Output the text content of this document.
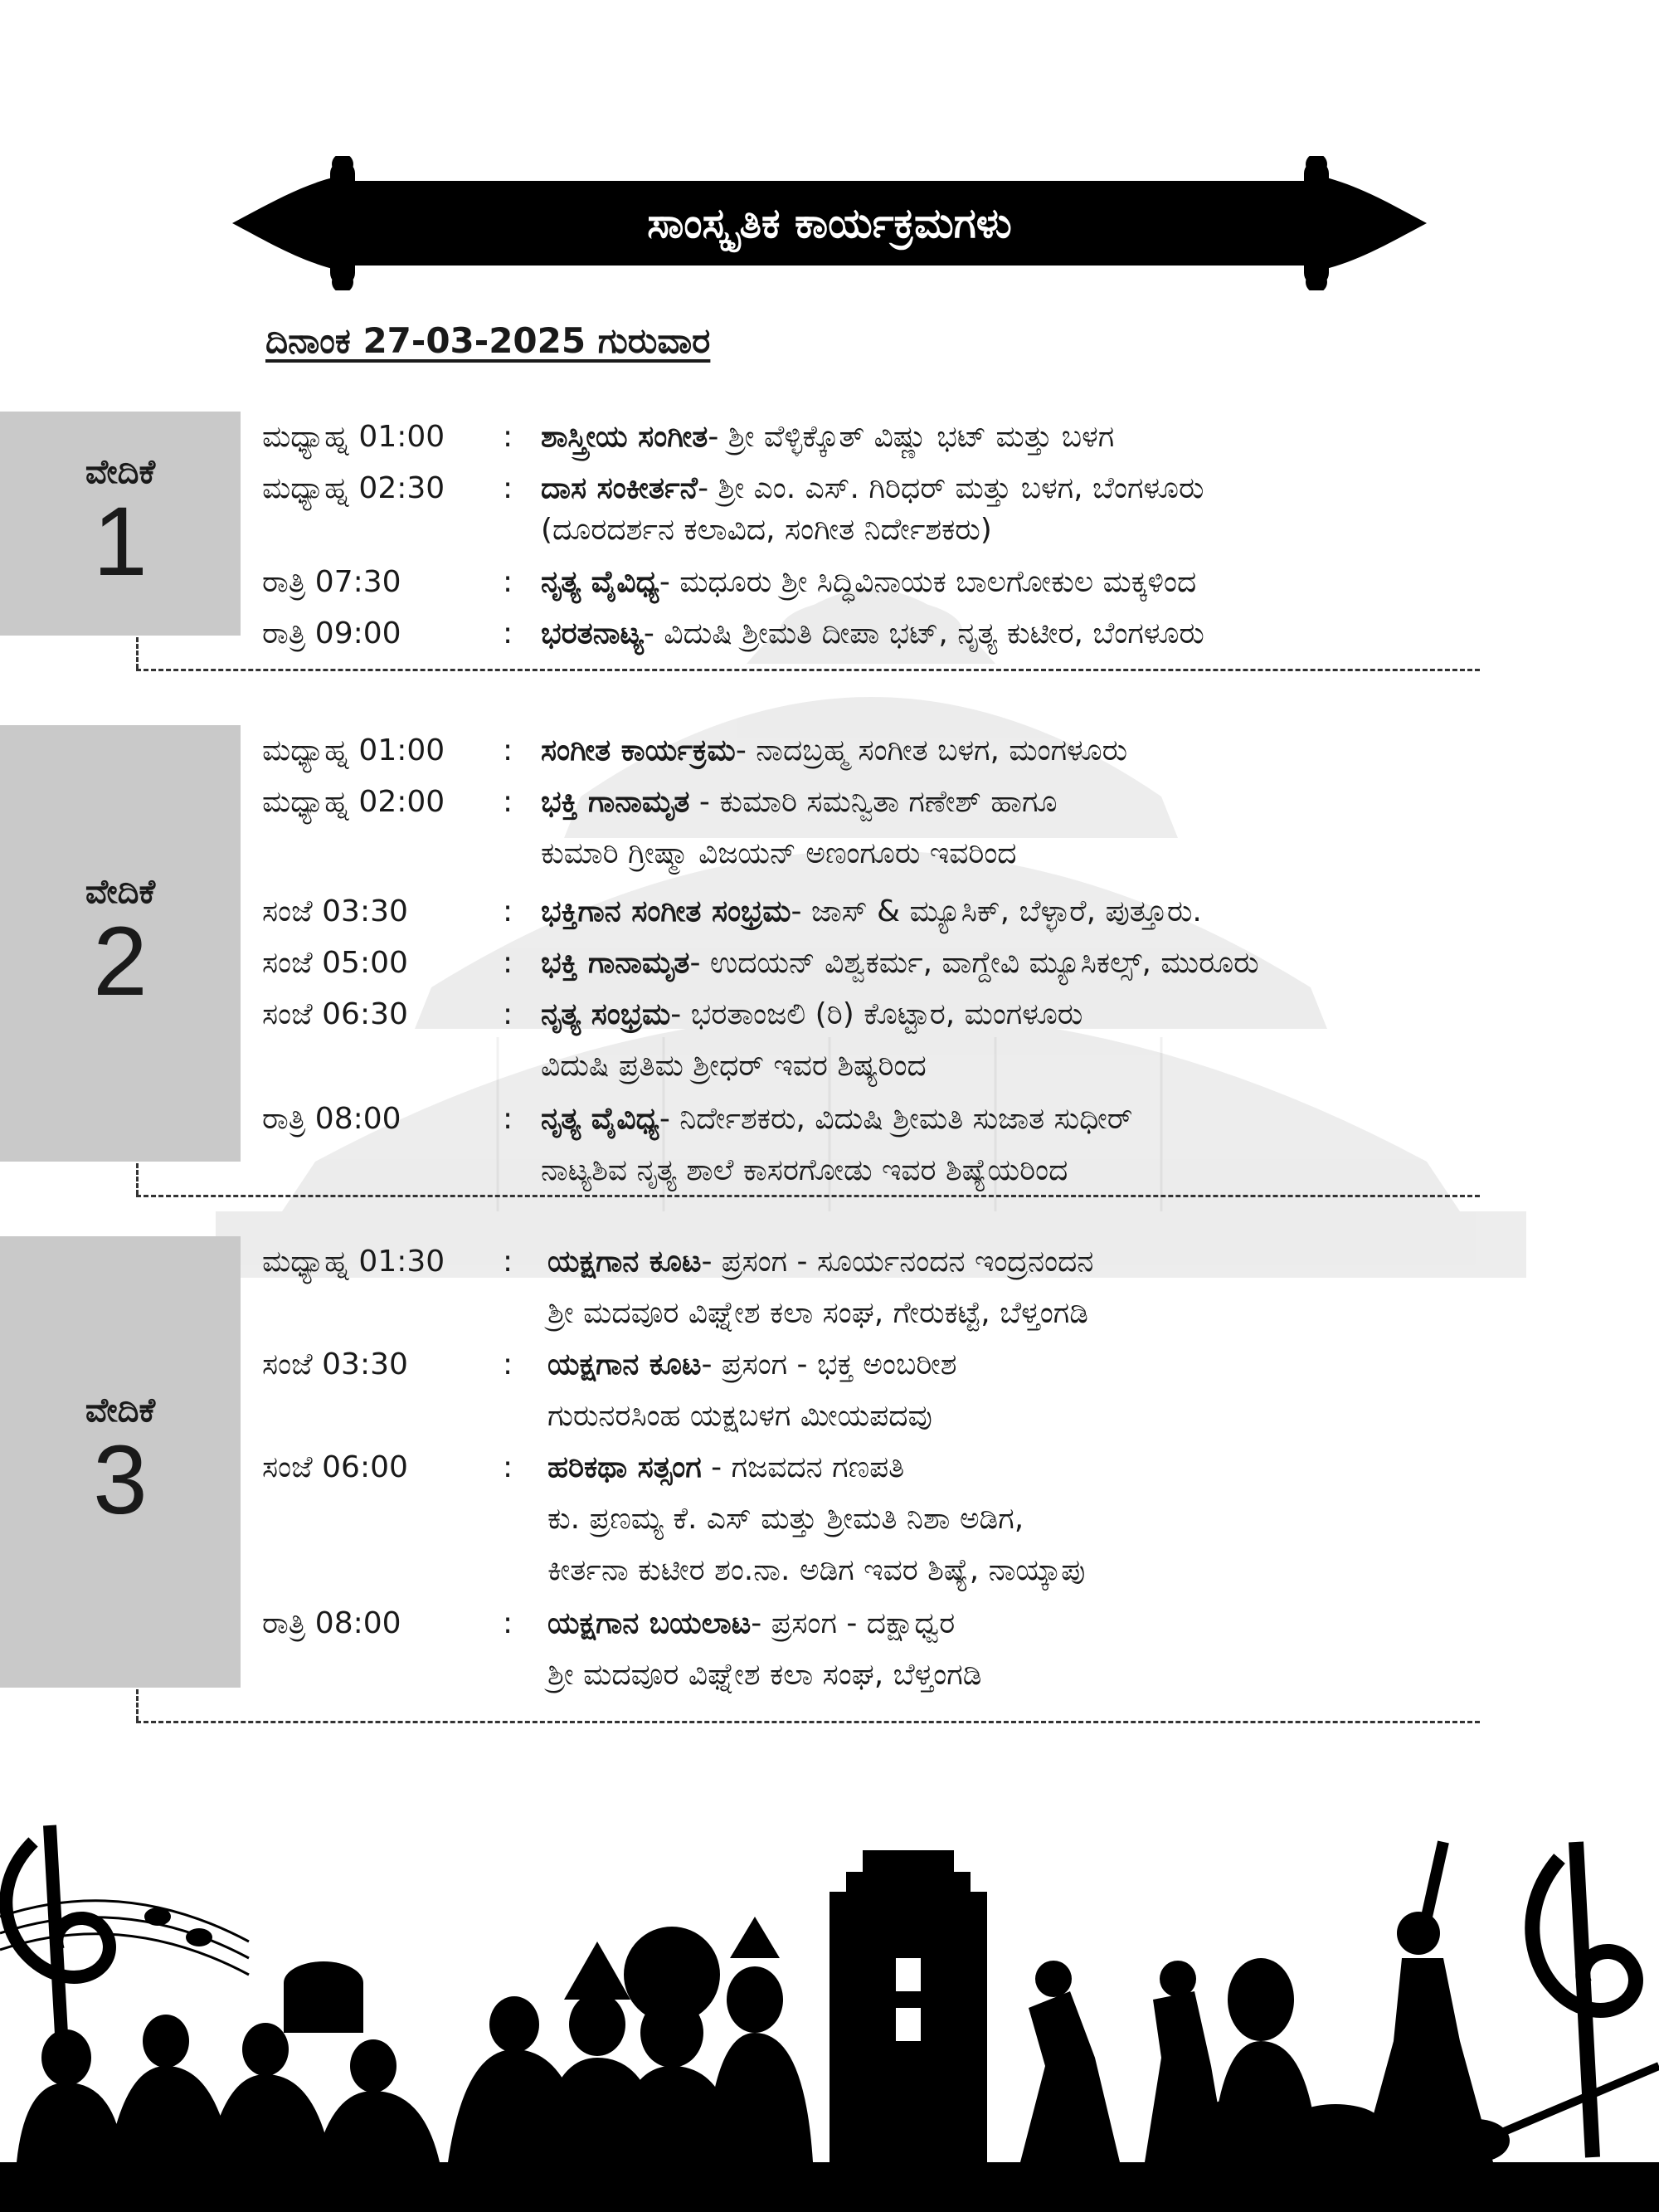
ಸಾಂಸ್ಕೃತಿಕ ಕಾರ್ಯಕ್ರಮಗಳು
ದಿನಾಂಕ 27-03-2025 ಗುರುವಾರ
ವೇದಿಕೆ
1
ಮಧ್ಯಾಹ್ನ 01:00 : ಶಾಸ್ತ್ರೀಯ ಸಂಗೀತ- ಶ್ರೀ ವೆಳ್ಳಿಕ್ಕೊತ್ ವಿಷ್ಣು ಭಟ್ ಮತ್ತು ಬಳಗ
ಮಧ್ಯಾಹ್ನ 02:30 : ದಾಸ ಸಂಕೀರ್ತನೆ- ಶ್ರೀ ಎಂ. ಎಸ್. ಗಿರಿಧರ್ ಮತ್ತು ಬಳಗ, ಬೆಂಗಳೂರು
(ದೂರದರ್ಶನ ಕಲಾವಿದ, ಸಂಗೀತ ನಿರ್ದೇಶಕರು)
ರಾತ್ರಿ 07:30	: ನೃತ್ಯ ವೈವಿಧ್ಯ- ಮಧೂರು ಶ್ರೀ ಸಿದ್ಧಿವಿನಾಯಕ ಬಾಲಗೋಕುಲ ಮಕ್ಕಳಿಂದ
ರಾತ್ರಿ 09:00	: ಭರತನಾಟ್ಯ- ವಿದುಷಿ ಶ್ರೀಮತಿ ದೀಪಾ ಭಟ್, ನೃತ್ಯ ಕುಟೀರ, ಬೆಂಗಳೂರು
ವೇದಿಕೆ
2
ಮಧ್ಯಾಹ್ನ 01:00 : ಸಂಗೀತ ಕಾರ್ಯಕ್ರಮ- ನಾದಬ್ರಹ್ಮ ಸಂಗೀತ ಬಳಗ, ಮಂಗಳೂರು
ಮಧ್ಯಾಹ್ನ 02:00 : ಭಕ್ತಿ ಗಾನಾಮೃತ - ಕುಮಾರಿ ಸಮನ್ವಿತಾ ಗಣೇಶ್ ಹಾಗೂ
ಕುಮಾರಿ ಗ್ರೀಷ್ಮಾ ವಿಜಯನ್ ಅಣಂಗೂರು ಇವರಿಂದ
ಸಂಜೆ 03:30	: ಭಕ್ತಿಗಾನ ಸಂಗೀತ ಸಂಭ್ರಮ- ಜಾಸ್ & ಮ್ಯೂಸಿಕ್, ಬೆಳ್ಳಾರೆ, ಪುತ್ತೂರು.
ಸಂಜೆ 05:00	: ಭಕ್ತಿ ಗಾನಾಮೃತ- ಉದಯನ್ ವಿಶ್ವಕರ್ಮ, ವಾಗ್ದೇವಿ ಮ್ಯೂಸಿಕಲ್ಸ್, ಮುರೂರು
ಸಂಜೆ 06:30	: ನೃತ್ಯ ಸಂಭ್ರಮ- ಭರತಾಂಜಲಿ (ರಿ) ಕೊಟ್ಟಾರ, ಮಂಗಳೂರು
ವಿದುಷಿ ಪ್ರತಿಮ ಶ್ರೀಧರ್ ಇವರ ಶಿಷ್ಯರಿಂದ
ರಾತ್ರಿ 08:00	: ನೃತ್ಯ ವೈವಿಧ್ಯ- ನಿರ್ದೇಶಕರು, ವಿದುಷಿ ಶ್ರೀಮತಿ ಸುಜಾತ ಸುಧೀರ್
ನಾಟ್ಯಶಿವ ನೃತ್ಯ ಶಾಲೆ ಕಾಸರಗೋಡು ಇವರ ಶಿಷ್ಯೆಯರಿಂದ
ವೇದಿಕೆ
3
ಮಧ್ಯಾಹ್ನ 01:30 : ಯಕ್ಷಗಾನ ಕೂಟ- ಪ್ರಸಂಗ - ಸೂರ್ಯನಂದನ ಇಂದ್ರನಂದನ
ಶ್ರೀ ಮದವೂರ ವಿಘ್ನೇಶ ಕಲಾ ಸಂಘ, ಗೇರುಕಟ್ಟೆ, ಬೆಳ್ತಂಗಡಿ
ಸಂಜೆ 03:30	: ಯಕ್ಷಗಾನ ಕೂಟ- ಪ್ರಸಂಗ - ಭಕ್ತ ಅಂಬರೀಶ
ಗುರುನರಸಿಂಹ ಯಕ್ಷಬಳಗ ಮೀಯಪದವು
ಸಂಜೆ 06:00	: ಹರಿಕಥಾ ಸತ್ಸಂಗ - ಗಜವದನ ಗಣಪತಿ
ಕು. ಪ್ರಣಮ್ಯ ಕೆ. ಎಸ್ ಮತ್ತು ಶ್ರೀಮತಿ ನಿಶಾ ಅಡಿಗ,
ಕೀರ್ತನಾ ಕುಟೀರ ಶಂ.ನಾ. ಅಡಿಗ ಇವರ ಶಿಷ್ಯೆ, ನಾಯ್ಕಾಪು
ರಾತ್ರಿ 08:00	: ಯಕ್ಷಗಾನ ಬಯಲಾಟ- ಪ್ರಸಂಗ - ದಕ್ಷಾಧ್ವರ
ಶ್ರೀ ಮದವೂರ ವಿಘ್ನೇಶ ಕಲಾ ಸಂಘ, ಬೆಳ್ತಂಗಡಿ
